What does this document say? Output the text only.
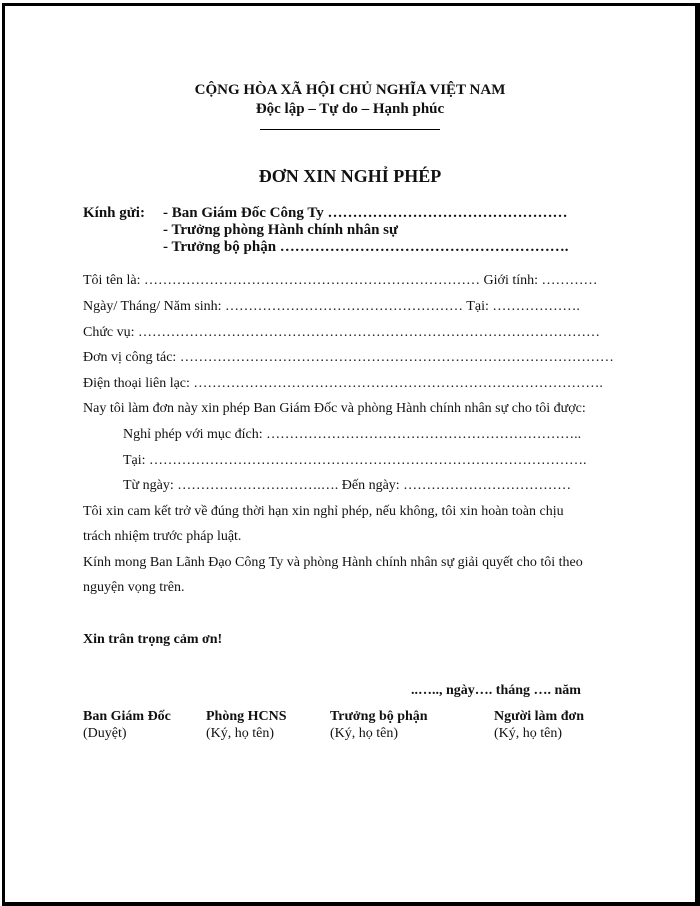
CỘNG HÒA XÃ HỘI CHỦ NGHĨA VIỆT NAM
Độc lập – Tự do – Hạnh phúc
ĐƠN XIN NGHỈ PHÉP
Kính gửi: - Ban Giám Đốc Công Ty …………………………………………
- Trưởng phòng Hành chính nhân sự
- Trưởng bộ phận ………………………………………………….
Tôi tên là: ……………………………………………………………… Giới tính: …………
Ngày/ Tháng/ Năm sinh: …………………………………………… Tại: ……………….
Chức vụ: ………………………………………………………………………………………
Đơn vị công tác: …………………………………………………………………………………
Điện thoại liên lạc: …………………………………………………………………………….
Nay tôi làm đơn này xin phép Ban Giám Đốc và phòng Hành chính nhân sự cho tôi được:
Nghỉ phép với mục đích: …………………………………………………………..
Tại: ………………………………………………………………………………….
Từ ngày: ………………………….…. Đến ngày: ………………………………
Tôi xin cam kết trở về đúng thời hạn xin nghỉ phép, nếu không, tôi xin hoàn toàn chịu
trách nhiệm trước pháp luật.
Kính mong Ban Lãnh Đạo Công Ty và phòng Hành chính nhân sự giải quyết cho tôi theo
nguyện vọng trên.
Xin trân trọng cảm ơn!
..….., ngày…. tháng …. năm
Ban Giám Đốc
(Duyệt)
Phòng HCNS
(Ký, họ tên)
Trưởng bộ phận
(Ký, họ tên)
Người làm đơn
(Ký, họ tên)
